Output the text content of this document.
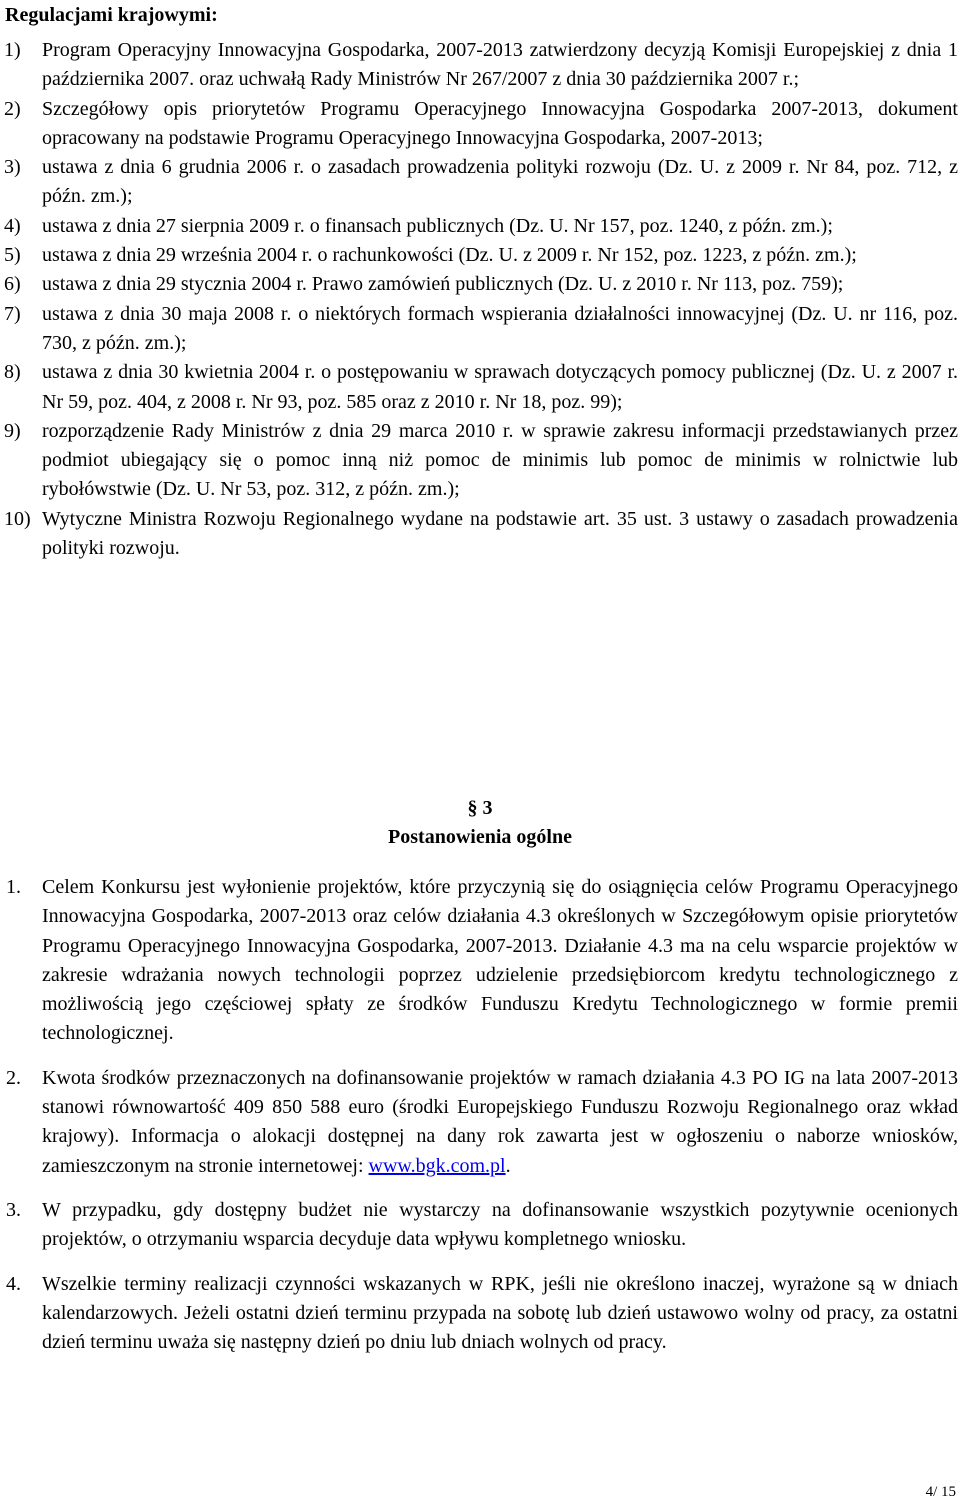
Regulacjami krajowymi:
1) Program Operacyjny Innowacyjna Gospodarka, 2007-2013 zatwierdzony decyzją Komisji Europejskiej z dnia 1 października 2007. oraz uchwałą Rady Ministrów Nr 267/2007 z dnia 30 października 2007 r.;
2) Szczegółowy opis priorytetów Programu Operacyjnego Innowacyjna Gospodarka 2007-2013, dokument opracowany na podstawie Programu Operacyjnego Innowacyjna Gospodarka, 2007-2013;
3) ustawa z dnia 6 grudnia 2006 r. o zasadach prowadzenia polityki rozwoju (Dz. U. z 2009 r. Nr 84, poz. 712, z późn. zm.);
4) ustawa z dnia 27 sierpnia 2009 r. o finansach publicznych (Dz. U. Nr 157, poz. 1240, z późn. zm.);
5) ustawa z dnia 29 września 2004 r. o rachunkowości (Dz. U. z 2009 r. Nr 152, poz. 1223, z późn. zm.);
6) ustawa z dnia 29 stycznia 2004 r. Prawo zamówień publicznych (Dz. U. z 2010 r. Nr 113, poz. 759);
7) ustawa z dnia 30 maja 2008 r. o niektórych formach wspierania działalności innowacyjnej (Dz. U. nr 116, poz. 730, z późn. zm.);
8) ustawa z dnia 30 kwietnia 2004 r. o postępowaniu w sprawach dotyczących pomocy publicznej (Dz. U. z 2007 r. Nr 59, poz. 404, z 2008 r. Nr 93, poz. 585 oraz z 2010 r. Nr 18, poz. 99);
9) rozporządzenie Rady Ministrów z dnia 29 marca 2010 r. w sprawie zakresu informacji przedstawianych przez podmiot ubiegający się o pomoc inną niż pomoc de minimis lub pomoc de minimis w rolnictwie lub rybołówstwie (Dz. U. Nr 53, poz. 312, z późn. zm.);
10) Wytyczne Ministra Rozwoju Regionalnego wydane na podstawie art. 35 ust. 3 ustawy o zasadach prowadzenia polityki rozwoju.
§ 3
Postanowienia ogólne
1. Celem Konkursu jest wyłonienie projektów, które przyczynią się do osiągnięcia celów Programu Operacyjnego Innowacyjna Gospodarka, 2007-2013 oraz celów działania 4.3 określonych w Szczegółowym opisie priorytetów Programu Operacyjnego Innowacyjna Gospodarka, 2007-2013. Działanie 4.3 ma na celu wsparcie projektów w zakresie wdrażania nowych technologii poprzez udzielenie przedsiębiorcom kredytu technologicznego z możliwością jego częściowej spłaty ze środków Funduszu Kredytu Technologicznego w formie premii technologicznej.
2. Kwota środków przeznaczonych na dofinansowanie projektów w ramach działania 4.3 PO IG na lata 2007-2013 stanowi równowartość 409 850 588 euro (środki Europejskiego Funduszu Rozwoju Regionalnego oraz wkład krajowy). Informacja o alokacji dostępnej na dany rok zawarta jest w ogłoszeniu o naborze wniosków, zamieszczonym na stronie internetowej: www.bgk.com.pl.
3. W przypadku, gdy dostępny budżet nie wystarczy na dofinansowanie wszystkich pozytywnie ocenionych projektów, o otrzymaniu wsparcia decyduje data wpływu kompletnego wniosku.
4. Wszelkie terminy realizacji czynności wskazanych w RPK, jeśli nie określono inaczej, wyrażone są w dniach kalendarzowych. Jeżeli ostatni dzień terminu przypada na sobotę lub dzień ustawowo wolny od pracy, za ostatni dzień terminu uważa się następny dzień po dniu lub dniach wolnych od pracy.
4/ 15
